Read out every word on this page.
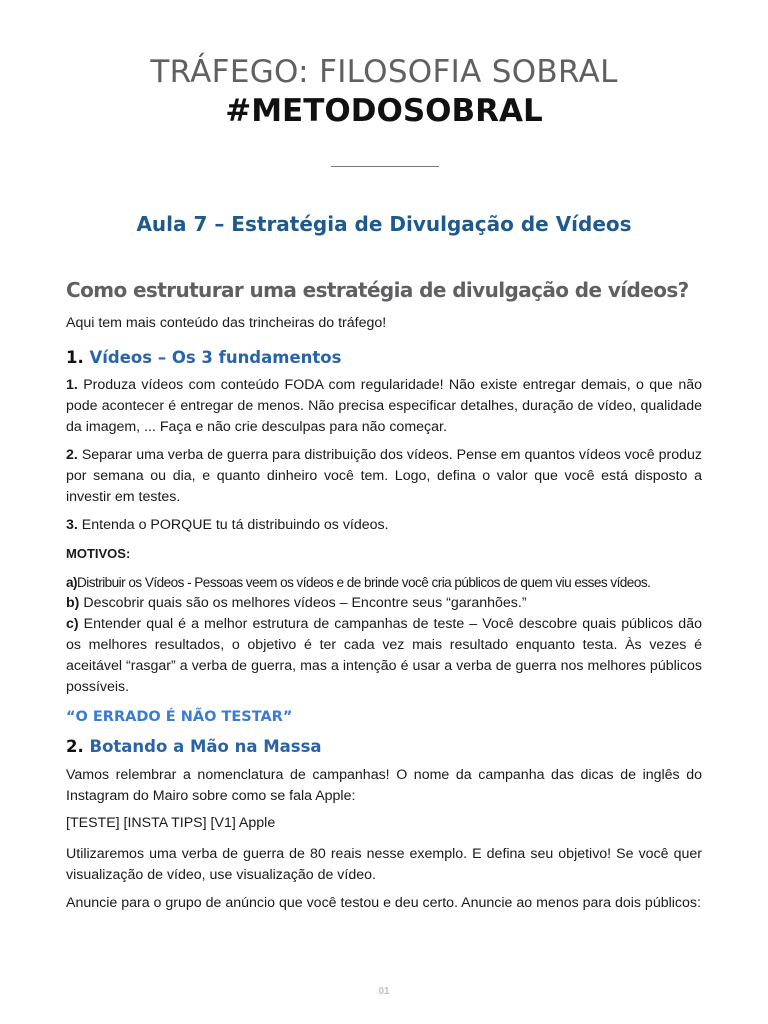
TRÁFEGO: FILOSOFIA SOBRAL
#METODOSOBRAL
Aula 7 – Estratégia de Divulgação de Vídeos
Como estruturar uma estratégia de divulgação de vídeos?

Aqui tem mais conteúdo das trincheiras do tráfego!

1. Vídeos – Os 3 fundamentos

1. Produza vídeos com conteúdo FODA com regularidade! Não existe entregar demais, o que não pode acontecer é entregar de menos. Não precisa especificar detalhes, duração de vídeo, qualidade da imagem, ... Faça e não crie desculpas para não começar.

2. Separar uma verba de guerra para distribuição dos vídeos. Pense em quantos vídeos você produz por semana ou dia, e quanto dinheiro você tem. Logo, defina o valor que você está disposto a investir em testes.

3. Entenda o PORQUE tu tá distribuindo os vídeos.

MOTIVOS:

a)Distribuir os Vídeos - Pessoas veem os vídeos e de brinde você cria públicos de quem viu esses vídeos.

b) Descobrir quais são os melhores vídeos – Encontre seus “garanhões.”

c) Entender qual é a melhor estrutura de campanhas de teste – Você descobre quais públicos dão os melhores resultados, o objetivo é ter cada vez mais resultado enquanto testa. Às vezes é aceitável “rasgar” a verba de guerra, mas a intenção é usar a verba de guerra nos melhores públicos possíveis.

“O ERRADO É NÃO TESTAR”
2. Botando a Mão na Massa

Vamos relembrar a nomenclatura de campanhas! O nome da campanha das dicas de inglês do Instagram do Mairo sobre como se fala Apple:

[TESTE] [INSTA TIPS] [V1] Apple

Utilizaremos uma verba de guerra de 80 reais nesse exemplo. E defina seu objetivo! Se você quer visualização de vídeo, use visualização de vídeo.

Anuncie para o grupo de anúncio que você testou e deu certo. Anuncie ao menos para dois públicos:

01
